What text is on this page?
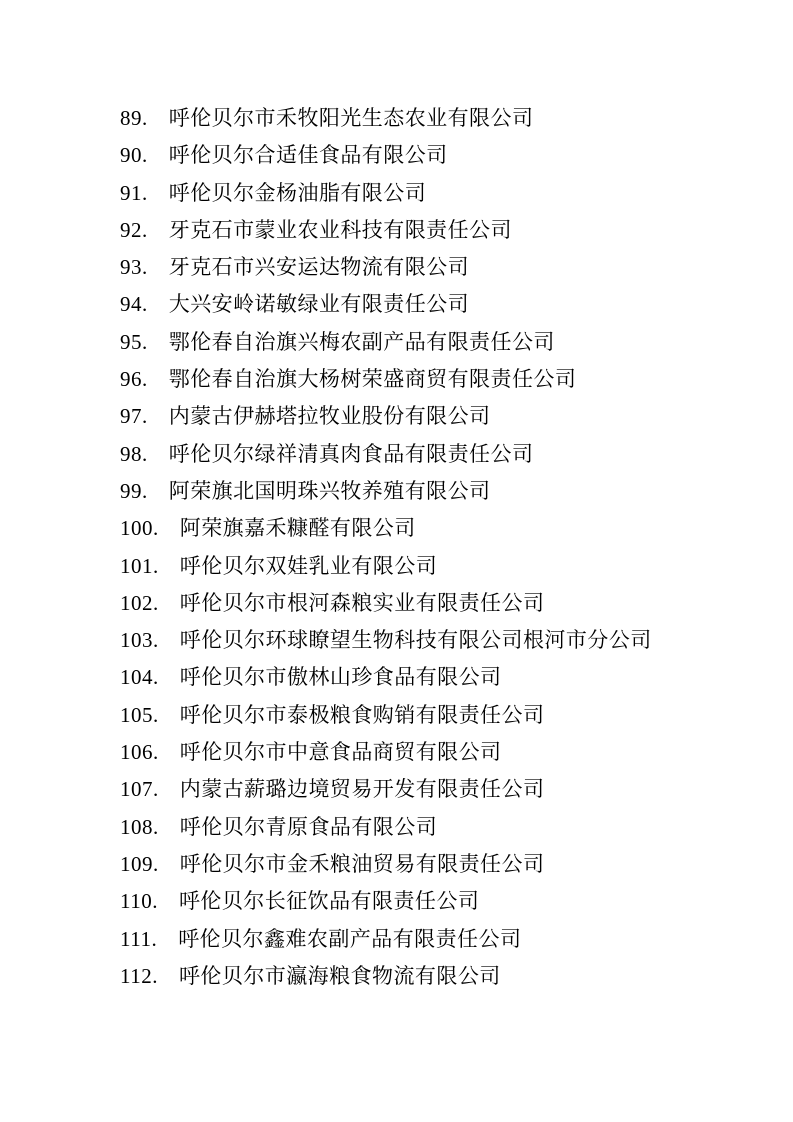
89. 呼伦贝尔市禾牧阳光生态农业有限公司
90. 呼伦贝尔合适佳食品有限公司
91. 呼伦贝尔金杨油脂有限公司
92. 牙克石市蒙业农业科技有限责任公司
93. 牙克石市兴安运达物流有限公司
94. 大兴安岭诺敏绿业有限责任公司
95. 鄂伦春自治旗兴梅农副产品有限责任公司
96. 鄂伦春自治旗大杨树荣盛商贸有限责任公司
97. 内蒙古伊赫塔拉牧业股份有限公司
98. 呼伦贝尔绿祥清真肉食品有限责任公司
99. 阿荣旗北国明珠兴牧养殖有限公司
100. 阿荣旗嘉禾糠醛有限公司
101. 呼伦贝尔双娃乳业有限公司
102. 呼伦贝尔市根河森粮实业有限责任公司
103. 呼伦贝尔环球瞭望生物科技有限公司根河市分公司
104. 呼伦贝尔市傲林山珍食品有限公司
105. 呼伦贝尔市泰极粮食购销有限责任公司
106. 呼伦贝尔市中意食品商贸有限公司
107. 内蒙古薪璐边境贸易开发有限责任公司
108. 呼伦贝尔青原食品有限公司
109. 呼伦贝尔市金禾粮油贸易有限责任公司
110. 呼伦贝尔长征饮品有限责任公司
111. 呼伦贝尔鑫难农副产品有限责任公司
112. 呼伦贝尔市瀛海粮食物流有限公司
